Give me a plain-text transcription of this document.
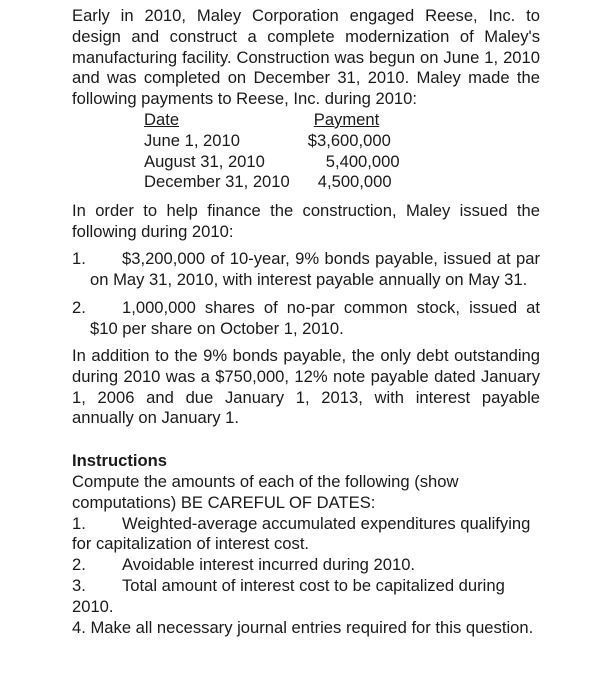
Early in 2010, Maley Corporation engaged Reese, Inc. to design and construct a complete modernization of Maley's manufacturing facility. Construction was begun on June 1, 2010 and was completed on December 31, 2010. Maley made the following payments to Reese, Inc. during 2010:

Date	Payment
June 1, 2010	$3,600,000
August 31, 2010	5,400,000
December 31, 2010	4,500,000

In order to help finance the construction, Maley issued the following during 2010:

1. $3,200,000 of 10-year, 9% bonds payable, issued at par on May 31, 2010, with interest payable annually on May 31.

2. 1,000,000 shares of no-par common stock, issued at $10 per share on October 1, 2010.

In addition to the 9% bonds payable, the only debt outstanding during 2010 was a $750,000, 12% note payable dated January 1, 2006 and due January 1, 2013, with interest payable annually on January 1.

Instructions

Compute the amounts of each of the following (show computations) BE CAREFUL OF DATES:

1. Weighted-average accumulated expenditures qualifying for capitalization of interest cost.

2. Avoidable interest incurred during 2010.

3. Total amount of interest cost to be capitalized during 2010.

4. Make all necessary journal entries required for this question.
